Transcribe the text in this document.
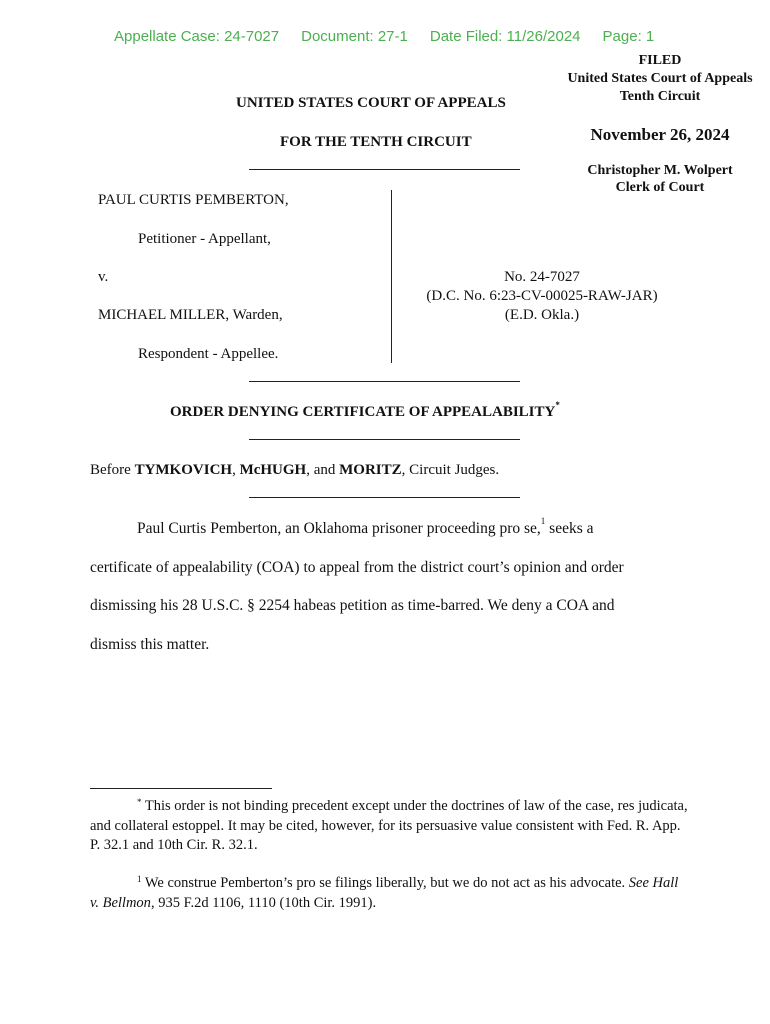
Appellate Case: 24-7027 Document: 27-1 Date Filed: 11/26/2024 Page: 1
FILED
United States Court of Appeals
Tenth Circuit
November 26, 2024
Christopher M. Wolpert
Clerk of Court
UNITED STATES COURT OF APPEALS
FOR THE TENTH CIRCUIT
PAUL CURTIS PEMBERTON,
Petitioner - Appellant,
v.
MICHAEL MILLER, Warden,
Respondent - Appellee.
No. 24-7027
(D.C. No. 6:23-CV-00025-RAW-JAR)
(E.D. Okla.)
ORDER DENYING CERTIFICATE OF APPEALABILITY*
Before TYMKOVICH, McHUGH, and MORITZ, Circuit Judges.
Paul Curtis Pemberton, an Oklahoma prisoner proceeding pro se,$^1$ seeks a
certificate of appealability (COA) to appeal from the district court’s opinion and order
dismissing his 28 U.S.C. § 2254 habeas petition as time-barred. We deny a COA and
dismiss this matter.
* This order is not binding precedent except under the doctrines of law of the case, res judicata, and collateral estoppel. It may be cited, however, for its persuasive value consistent with Fed. R. App. P. 32.1 and 10th Cir. R. 32.1.
$^1$ We construe Pemberton’s pro se filings liberally, but we do not act as his advocate. See Hall v. Bellmon, 935 F.2d 1106, 1110 (10th Cir. 1991).
